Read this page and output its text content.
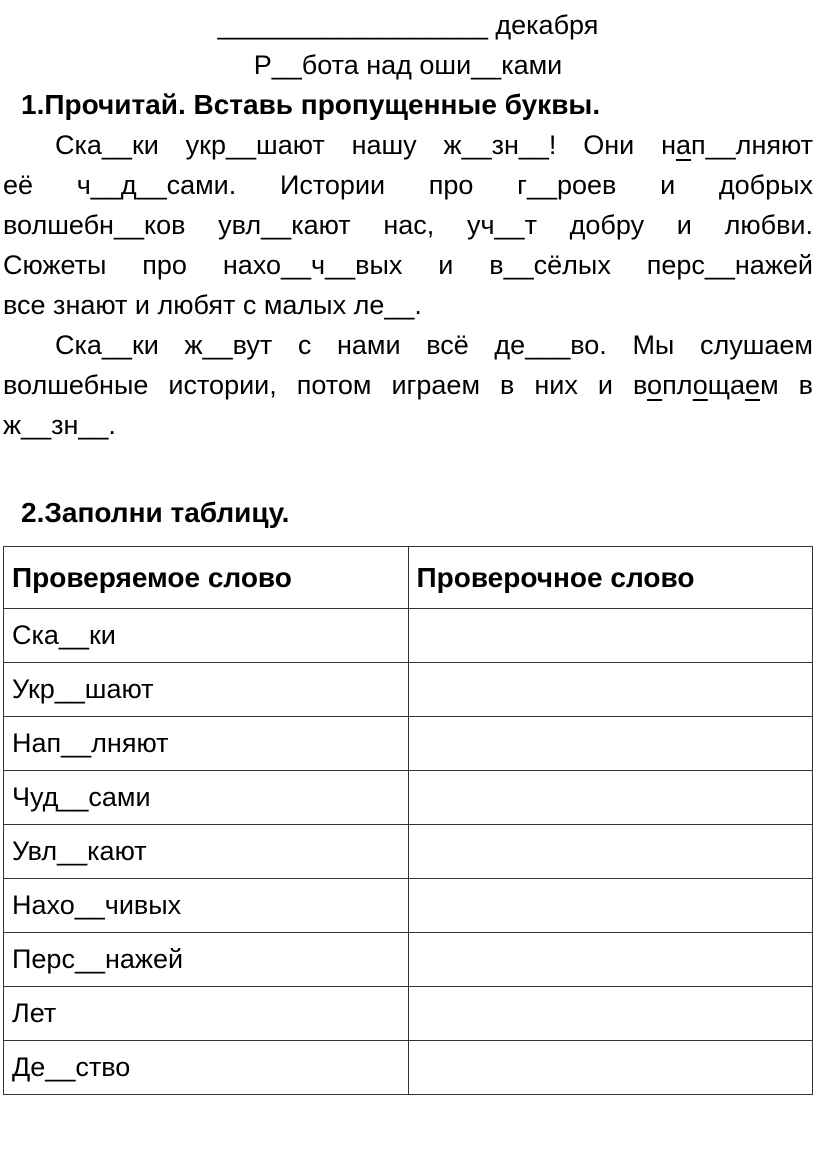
__________________ декабря
Р__бота над оши__ками
1.Прочитай. Вставь пропущенные буквы.
Ска__ки укр__шают нашу ж__зн__! Они нап__лняют
её ч__д__сами. Истории про г__роев и добрых
волшебн__ков увл__кают нас, уч__т добру и любви.
Сюжеты про нахо__ч__вых и в__сёлых перс__нажей
все знают и любят с малых ле__.
Ска__ки ж__вут с нами всё де___во. Мы слушаем
волшебные истории, потом играем в них и воплощаем в
ж__зн__.
2.Заполни таблицу.
Проверяемое слово	Проверочное слово
Ска__ки	
Укр__шают	
Нап__лняют	
Чуд__сами	
Увл__кают	
Нахо__чивых	
Перс__нажей	
Лет	
Де__ство	
